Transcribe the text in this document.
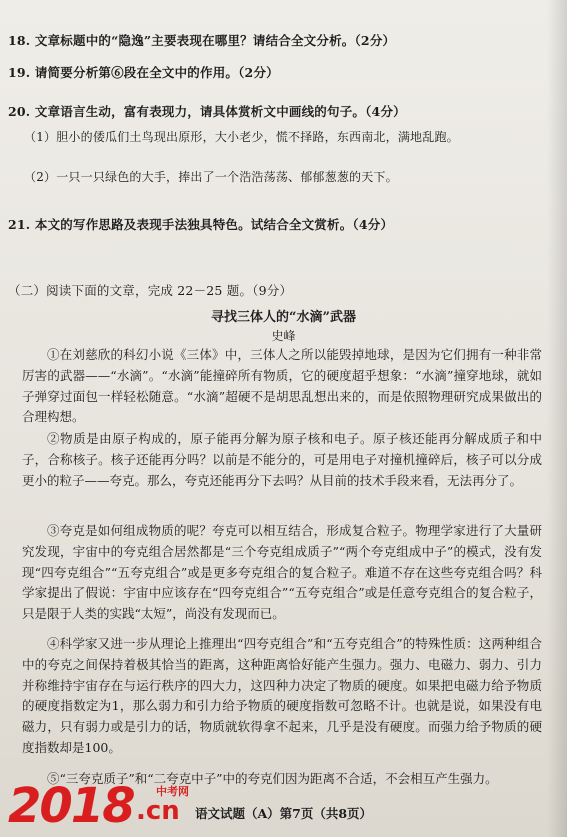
18. 文章标题中的“隐逸”主要表现在哪里？请结合全文分析。（2分）
19. 请简要分析第⑥段在全文中的作用。（2分）
20. 文章语言生动，富有表现力，请具体赏析文中画线的句子。（4分）
（1）胆小的倭瓜们土鸟现出原形，大小老少，慌不择路，东西南北，满地乱跑。
（2）一只一只绿色的大手，捧出了一个浩浩荡荡、郁郁葱葱的天下。
21. 本文的写作思路及表现手法独具特色。试结合全文赏析。（4分）
（二）阅读下面的文章，完成 22－25 题。（9分）
寻找三体人的“水滴”武器
史峰
①在刘慈欣的科幻小说《三体》中，三体人之所以能毁掉地球，是因为它们拥有一种非常厉害的武器——“水滴”。“水滴”能撞碎所有物质，它的硬度超乎想象：“水滴”撞穿地球，就如子弹穿过面包一样轻松随意。“水滴”超硬不是胡思乱想出来的，而是依照物理研究成果做出的合理构想。
②物质是由原子构成的，原子能再分解为原子核和电子。原子核还能再分解成质子和中子，合称核子。核子还能再分吗？以前是不能分的，可是用电子对撞机撞碎后，核子可以分成更小的粒子——夸克。那么，夸克还能再分下去吗？从目前的技术手段来看，无法再分了。
③夸克是如何组成物质的呢？夸克可以相互结合，形成复合粒子。物理学家进行了大量研究发现，宇宙中的夸克组合居然都是“三个夸克组成质子”“两个夸克组成中子”的模式，没有发现“四夸克组合”“五夸克组合”或是更多夸克组合的复合粒子。难道不存在这些夸克组合吗？科学家提出了假说：宇宙中应该存在“四夸克组合”“五夸克组合”或是任意夸克组合的复合粒子，只是限于人类的实践“太短”，尚没有发现而已。
④科学家又进一步从理论上推理出“四夸克组合”和“五夸克组合”的特殊性质：这两种组合中的夸克之间保持着极其恰当的距离，这种距离恰好能产生强力。强力、电磁力、弱力、引力并称维持宇宙存在与运行秩序的四大力，这四种力决定了物质的硬度。如果把电磁力给予物质的硬度指数定为1，那么弱力和引力给予物质的硬度指数可忽略不计。也就是说，如果没有电磁力，只有弱力或是引力的话，物质就软得拿不起来，几乎是没有硬度。而强力给予物质的硬度指数却是100。
⑤“三夸克质子”和“二夸克中子”中的夸克们因为距离不合适，不会相互产生强力。
语文试题（A）第7页（共8页）
2018 中考网
.cn
